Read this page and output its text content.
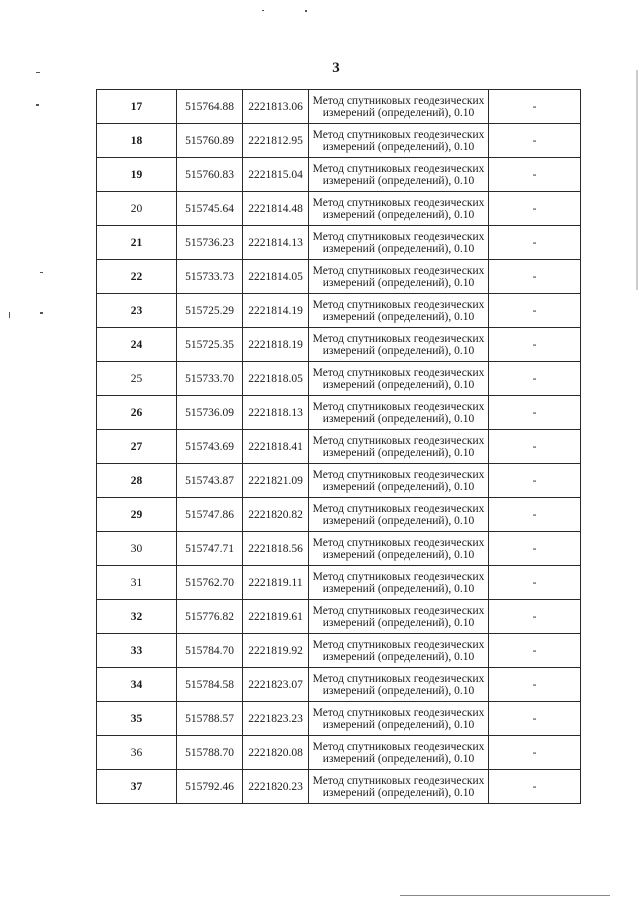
3
17	515764.88	2221813.06	Метод спутниковых геодезических
измерений (определений), 0.10	-
18	515760.89	2221812.95	Метод спутниковых геодезических
измерений (определений), 0.10	-
19	515760.83	2221815.04	Метод спутниковых геодезических
измерений (определений), 0.10	-
20	515745.64	2221814.48	Метод спутниковых геодезических
измерений (определений), 0.10	-
21	515736.23	2221814.13	Метод спутниковых геодезических
измерений (определений), 0.10	-
22	515733.73	2221814.05	Метод спутниковых геодезических
измерений (определений), 0.10	-
23	515725.29	2221814.19	Метод спутниковых геодезических
измерений (определений), 0.10	-
24	515725.35	2221818.19	Метод спутниковых геодезических
измерений (определений), 0.10	-
25	515733.70	2221818.05	Метод спутниковых геодезических
измерений (определений), 0.10	-
26	515736.09	2221818.13	Метод спутниковых геодезических
измерений (определений), 0.10	-
27	515743.69	2221818.41	Метод спутниковых геодезических
измерений (определений), 0.10	-
28	515743.87	2221821.09	Метод спутниковых геодезических
измерений (определений), 0.10	-
29	515747.86	2221820.82	Метод спутниковых геодезических
измерений (определений), 0.10	-
30	515747.71	2221818.56	Метод спутниковых геодезических
измерений (определений), 0.10	-
31	515762.70	2221819.11	Метод спутниковых геодезических
измерений (определений), 0.10	-
32	515776.82	2221819.61	Метод спутниковых геодезических
измерений (определений), 0.10	-
33	515784.70	2221819.92	Метод спутниковых геодезических
измерений (определений), 0.10	-
34	515784.58	2221823.07	Метод спутниковых геодезических
измерений (определений), 0.10	-
35	515788.57	2221823.23	Метод спутниковых геодезических
измерений (определений), 0.10	-
36	515788.70	2221820.08	Метод спутниковых геодезических
измерений (определений), 0.10	-
37	515792.46	2221820.23	Метод спутниковых геодезических
измерений (определений), 0.10	-
